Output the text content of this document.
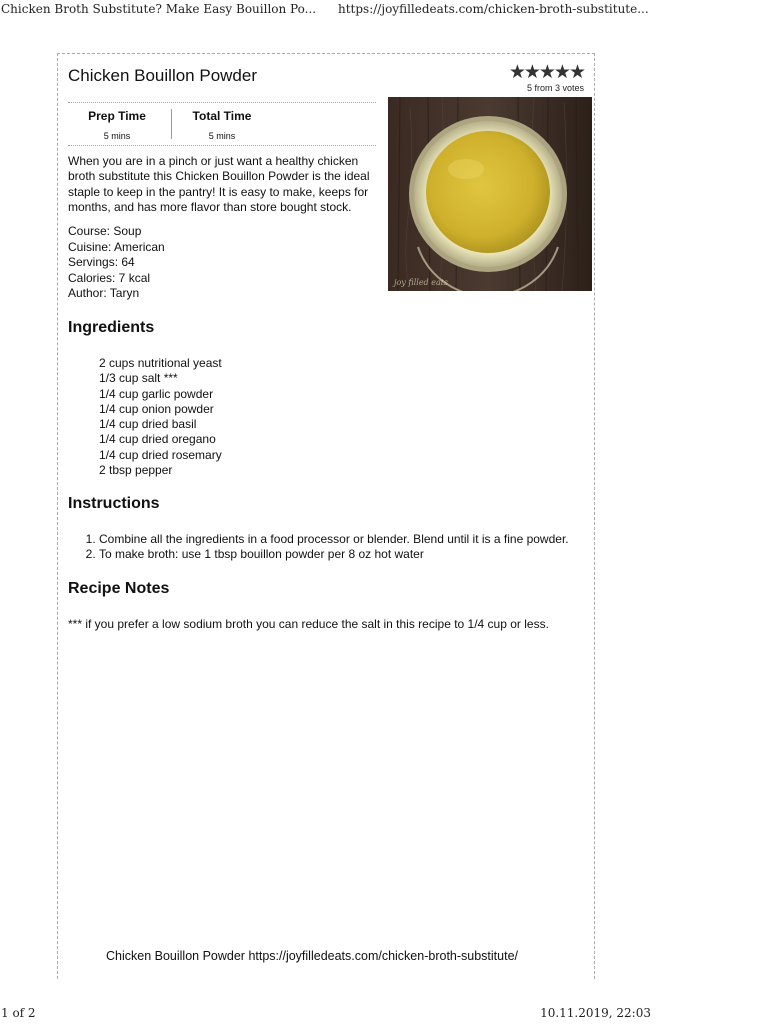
Chicken Broth Substitute? Make Easy Bouillon Po... https://joyfilledeats.com/chicken-broth-substitute...
Chicken Bouillon Powder	★★★★★
5 from 3 votes
Prep Time
5 mins
Total Time
5 mins
joy filled eats
When you are in a pinch or just want a healthy chicken broth substitute this Chicken Bouillon Powder is the ideal staple to keep in the pantry! It is easy to make, keeps for months, and has more flavor than store bought stock.
Course: Soup
Cuisine: American
Servings: 64
Calories: 7 kcal
Author: Taryn
Ingredients
2 cups nutritional yeast
1/3 cup salt ***
1/4 cup garlic powder
1/4 cup onion powder
1/4 cup dried basil
1/4 cup dried oregano
1/4 cup dried rosemary
2 tbsp pepper
Instructions
1. Combine all the ingredients in a food processor or blender. Blend until it is a fine powder.
2. To make broth: use 1 tbsp bouillon powder per 8 oz hot water
Recipe Notes
*** if you prefer a low sodium broth you can reduce the salt in this recipe to 1/4 cup or less.
Chicken Bouillon Powder https://joyfilledeats.com/chicken-broth-substitute/
1 of 2	10.11.2019, 22:03
